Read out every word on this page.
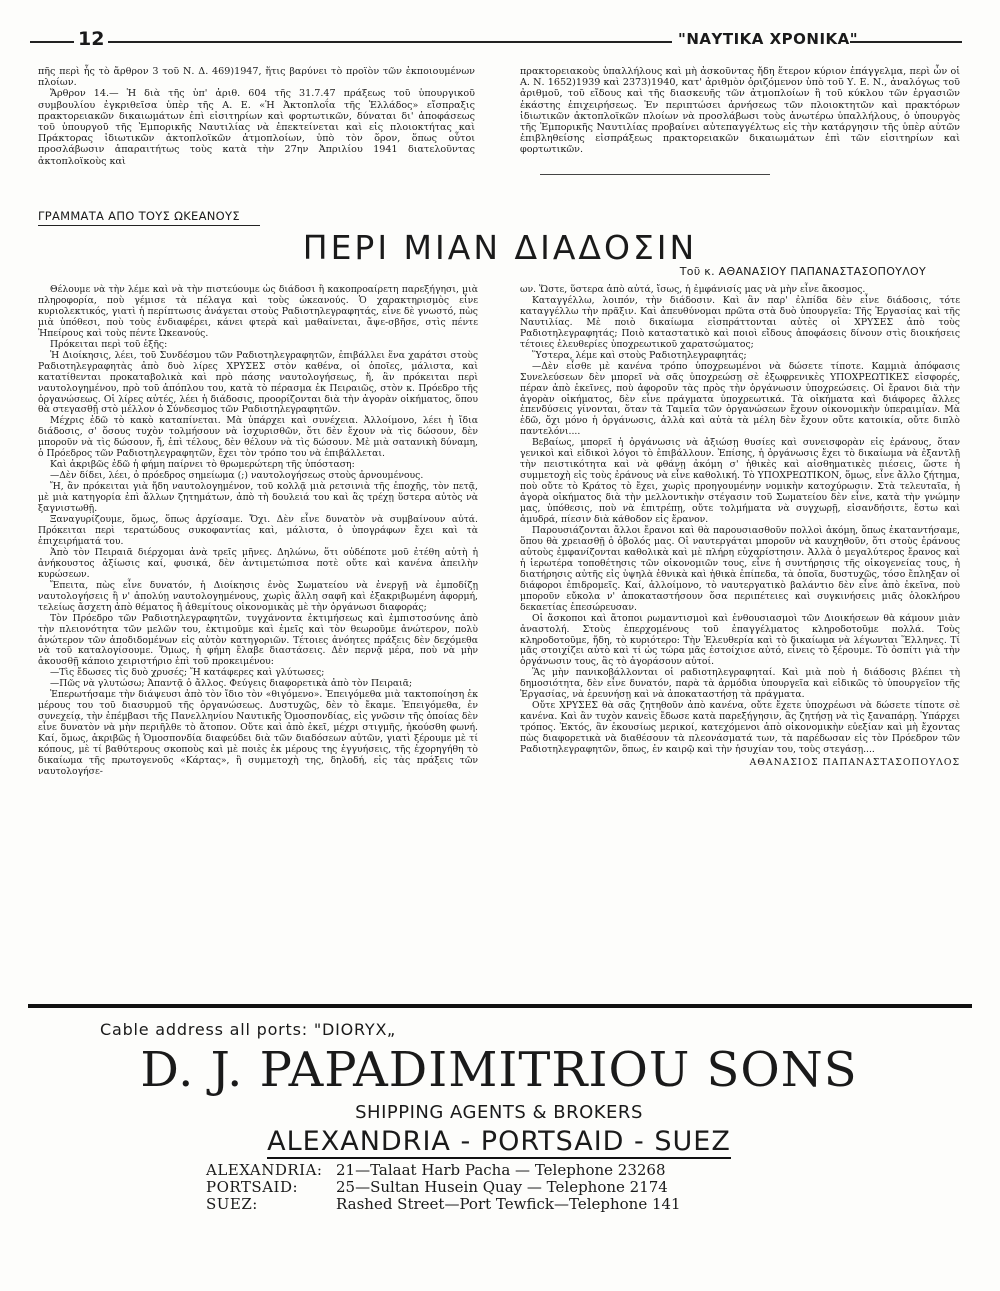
12	"ΝΑΥΤΙΚΑ ΧΡΟΝΙΚΑ"

πῆς περὶ ἧς τὸ ἄρθρον 3 τοῦ Ν. Δ. 469)1947, ἥτις βαρύνει τὸ προϊὸν τῶν ἐκποιουμένων πλοίων.

Ἄρθρον 14.— Ἡ διὰ τῆς ὑπ' ἀριθ. 604 τῆς 31.7.47 πράξεως τοῦ ὑπουργικοῦ συμβουλίου ἐγκριθεῖσα ὑπὲρ τῆς Α. Ε. «Ἡ Ἀκτοπλοΐα τῆς Ἑλλάδος» εἴσπραξις πρακτορειακῶν δικαιωμάτων ἐπὶ εἰσιτηρίων καὶ φορτωτικῶν, δύναται δι' ἀποφάσεως τοῦ ὑπουργοῦ τῆς Ἐμπορικῆς Ναυτιλίας νὰ ἐπεκτείνεται καὶ εἰς πλοιοκτήτας καὶ Πράκτορας ἰδιωτικῶν ἀκτοπλοϊκῶν ἀτμοπλοίων, ὑπὸ τὸν ὅρον, ὅπως οὗτοι προσλάβωσιν ἀπαραιτήτως τοὺς κατὰ τὴν 27ην Ἀπριλίου 1941 διατελοῦντας ἀκτοπλοϊκοὺς καὶ

πρακτορειακοὺς ὑπαλλήλους καὶ μὴ ἀσκοῦντας ἤδη ἕτερον κύριον ἐπάγγελμα, περὶ ὧν οἱ Α. Ν. 1652)1939 καὶ 2373)1940, κατ' ἀριθμὸν ὁριζόμενον ὑπὸ τοῦ Υ. Ε. Ν., ἀναλόγως τοῦ ἀριθμοῦ, τοῦ εἴδους καὶ τῆς διασκευῆς τῶν ἀτμοπλοίων ἢ τοῦ κύκλου τῶν ἐργασιῶν ἑκάστης ἐπιχειρήσεως. Ἐν περιπτώσει ἀρνήσεως τῶν πλοιοκτητῶν καὶ πρακτόρων ἰδιωτικῶν ἀκτοπλοϊκῶν πλοίων νὰ προσλάβωσι τοὺς ἀνωτέρω ὑπαλλήλους, ὁ ὑπουργὸς τῆς Ἐμπορικῆς Ναυτιλίας προβαίνει αὐτεπαγγέλτως εἰς τὴν κατάργησιν τῆς ὑπὲρ αὐτῶν ἐπιβληθείσης εἰσπράξεως πρακτορειακῶν δικαιωμάτων ἐπὶ τῶν εἰσιτηρίων καὶ φορτωτικῶν.

ΓΡΑΜΜΑΤΑ ΑΠΟ ΤΟΥΣ ΩΚΕΑΝΟΥΣ
ΠΕΡΙ ΜΙΑΝ ΔΙΑΔΟΣΙΝ
Τοῦ κ. ΑΘΑΝΑΣΙΟΥ ΠΑΠΑΝΑΣΤΑΣΟΠΟΥΛΟΥ

Θέλουμε νὰ τὴν λέμε καὶ νὰ τὴν πιστεύουμε ὡς διάδοσι ἢ κακοπροαίρετη παρεξήγησι, μιὰ πληροφορία, ποὺ γέμισε τὰ πέλαγα καὶ τοὺς ὠκεανούς. Ὁ χαρακτηρισμὸς εἶνε κυριολεκτικός, γιατὶ ἡ περίπτωσις ἀνάγεται στοὺς Ραδιοτηλεγραφητάς, εἶνε δὲ γνωστό, πὼς μιὰ ὑπόθεσι, ποὺ τοὺς ἐνδιαφέρει, κάνει φτερὰ καὶ μαθαίνεται, ἄψε-σβῆσε, στὶς πέντε Ἠπείρους καὶ τοὺς πέντε Ὠκεανούς.

Πρόκειται περὶ τοῦ ἑξῆς:

Ἡ Διοίκησις, λέει, τοῦ Συνδέσμου τῶν Ραδιοτηλεγραφητῶν, ἐπιβάλλει ἕνα χαράτσι στοὺς Ραδιοτηλεγραφητὰς ἀπὸ δυὸ λίρες ΧΡΥΣΕΣ στὸν καθένα, οἱ ὁποῖες, μάλιστα, καὶ κατατίθενται προκαταβολικὰ καὶ πρὸ πάσης ναυτολογήσεως, ἤ, ἂν πρόκειται περὶ ναυτολογημένου, πρὸ τοῦ ἀπόπλου του, κατὰ τὸ πέρασμα ἐκ Πειραιῶς, στὸν κ. Πρόεδρο τῆς ὀργανώσεως. Οἱ λίρες αὐτές, λέει ἡ διάδοσις, προορίζονται διὰ τὴν ἀγορὰν οἰκήματος, ὅπου θὰ στεγασθῇ στὸ μέλλον ὁ Σύνδεσμος τῶν Ραδιοτηλεγραφητῶν.

Μέχρις ἐδῶ τὸ κακὸ καταπίνεται. Μὰ ὑπάρχει καὶ συνέχεια. Ἀλλοίμονο, λέει ἡ ἴδια διάδοσις, σ' ὅσους τυχὸν τολμήσουν νὰ ἰσχυρισθῶν, ὅτι δὲν ἔχουν νὰ τὶς δώσουν, δὲν μποροῦν νὰ τὶς δώσουν, ἤ, ἐπὶ τέλους, δὲν θέλουν νὰ τὶς δώσουν. Μὲ μιὰ σατανικὴ δύναμη, ὁ Πρόεδρος τῶν Ραδιοτηλεγραφητῶν, ἔχει τὸν τρόπο του νὰ ἐπιβάλλεται.

Καὶ ἀκριβῶς ἐδῶ ἡ φήμη παίρνει τὸ θρωμερώτερη τῆς ὑπόσταση:

—Δὲν δίδει, λέει, ὁ πρόεδρος σημείωμα (;) ναυτολογήσεως στοὺς ἀρνουμένους.

Ἤ, ἂν πρόκειται γιὰ ἤδη ναυτολογημένον, τοῦ κολλᾷ μιὰ ρετσινιὰ τῆς ἐποχῆς, τὸν πετᾷ, μὲ μιὰ κατηγορία ἐπὶ ἄλλων ζητημάτων, ἀπὸ τὴ δουλειά του καὶ ἂς τρέχῃ ὕστερα αὐτὸς νὰ ξαγνιστωθῇ.

Ξαναγυρίζουμε, ὅμως, ὅπως ἀρχίσαμε. Ὄχι. Δὲν εἶνε δυνατὸν νὰ συμβαίνουν αὐτά. Πρόκειται περὶ τερατώδους συκοφαντίας καὶ, μάλιστα, ὁ ὑπογράφων ἔχει καὶ τὰ ἐπιχειρήματά του.

Ἀπὸ τὸν Πειραιᾶ διέρχομαι ἀνὰ τρεῖς μῆνες. Δηλώνω, ὅτι οὐδέποτε μοῦ ἐτέθη αὐτὴ ἡ ἀνήκουστος ἀξίωσις καί, φυσικά, δὲν ἀντιμετώπισα ποτὲ οὔτε καὶ κανένα ἀπειλὴν κυρώσεων.

Ἔπειτα, πὼς εἶνε δυνατόν, ἡ Διοίκησις ἑνὸς Σωματείου νὰ ἐνεργῇ νὰ ἐμποδίζῃ ναυτολογήσεις ἢ ν' ἀπολύῃ ναυτολογημένους, χωρὶς ἄλλη σαφῆ καὶ ἐξακριβωμένη ἀφορμή, τελείως ἄσχετη ἀπὸ θέματος ἢ ἀθεμίτους οἰκονομικὰς μὲ τὴν ὀργάνωσι διαφοράς;

Τὸν Πρόεδρο τῶν Ραδιοτηλεγραφητῶν, τυγχάνοντα ἐκτιμήσεως καὶ ἐμπιστοσύνης ἀπὸ τὴν πλειονότητα τῶν μελῶν του, ἐκτιμοῦμε καὶ ἐμεῖς καὶ τὸν θεωροῦμε ἀνώτερον, πολὺ ἀνώτερον τῶν ἀποδιδομένων εἰς αὐτὸν κατηγοριῶν. Τέτοιες ἀνόητες πράξεις δὲν δεχόμεθα νὰ τοῦ καταλογίσουμε. Ὅμως, ἡ φήμη ἔλαβε διαστάσεις. Δὲν περνᾷ μέρα, ποὺ νὰ μὴν ἀκουσθῇ κάποιο χειριστήριο ἐπὶ τοῦ προκειμένου:

—Τὶς ἔδωσες τὶς δυὸ χρυσές; Ἤ κατάφερες καὶ γλύτωσες;

—Πῶς νὰ γλυτώσω; Ἀπαντᾷ ὁ ἄλλος. Φεύγεις διαφορετικὰ ἀπὸ τὸν Πειραιᾶ;

Ἐπερωτήσαμε τὴν διάψευσι ἀπὸ τὸν ἴδιο τὸν «θιγόμενο». Ἐπειγόμεθα μιὰ τακτοποίηση ἐκ μέρους του τοῦ διασυρμοῦ τῆς ὀργανώσεως. Δυστυχῶς, δὲν τὸ ἔκαμε. Ἐπειγόμεθα, ἐν συνεχείᾳ, τὴν ἐπέμβασι τῆς Πανελληνίου Ναυτικῆς Ὁμοσπονδίας, εἰς γνῶσιν τῆς ὁποίας δὲν εἶνε δυνατὸν νὰ μὴν περιῆλθε τὸ ἄτοπον. Οὔτε καὶ ἀπὸ ἐκεῖ, μέχρι στιγμῆς, ἠκούσθη φωνή. Καί, ὅμως, ἀκριβῶς ἡ Ὁμοσπονδία διαφεύδει διὰ τῶν διαδόσεων αὐτῶν, γιατὶ ξέρουμε μὲ τί κόπους, μὲ τί βαθύτερους σκοποὺς καὶ μὲ ποιὲς ἐκ μέρους της ἐγγυήσεις, τῆς ἐχορηγήθη τὸ δικαίωμα τῆς πρωτογενοῦς «Κάρτας», ἢ συμμετοχὴ της, δηλοδή, εἰς τὰς πράξεις τῶν ναυτολογήσε-

ων. Ὥστε, ὕστερα ἀπὸ αὐτά, ἴσως, ἡ ἐμφάνισίς μας νὰ μὴν εἶνε ἄκοσμος.

Καταγγέλλω, λοιπόν, τὴν διάδοσιν. Καὶ ἂν παρ' ἐλπίδα δὲν εἶνε διάδοσις, τότε καταγγέλλω τὴν πρᾶξιν. Καὶ ἀπευθύνομαι πρῶτα στὰ δυὸ ὑπουργεῖα: Τῆς Ἐργασίας καὶ τῆς Ναυτιλίας. Μὲ ποιὸ δικαίωμα εἰσπράττονται αὐτὲς οἱ ΧΡΥΣΕΣ ἀπὸ τοὺς Ραδιοτηλεγραφητάς; Ποιὸ καταστατικὸ καὶ ποιοὶ εἴδους ἀποφάσεις δίνουν στὶς διοικήσεις τέτοιες ἐλευθερίες ὑποχρεωτικοῦ χαρατσώματος;

Ὕστερα, λέμε καὶ στοὺς Ραδιοτηλεγραφητάς;

—Δὲν εἶσθε μὲ κανένα τρόπο ὑποχρεωμένοι νὰ δώσετε τίποτε. Καμμιὰ ἀπόφασις Συνελεύσεων δὲν μπορεῖ νὰ σᾶς ὑποχρεώσῃ σὲ ἐξωφρενικὲς ΥΠΟΧΡΕΩΤΙΚΕΣ εἰσφορές, πέραν ἀπὸ ἐκεῖνες, ποὺ ἀφοροῦν τὰς πρὸς τὴν ὀργάνωσιν ὑποχρεώσεις. Οἱ ἔρανοι διὰ τὴν ἀγορὰν οἰκήματος, δὲν εἶνε πράγματα ὑποχρεωτικά. Τὰ οἰκήματα καὶ διάφορες ἄλλες ἐπενδύσεις γίνονται, ὅταν τὰ Ταμεῖα τῶν ὀργανώσεων ἔχουν οἰκονομικὴν ὑπεραιμίαν. Μὰ ἐδῶ, ὄχι μόνο ἡ ὀργάνωσις, ἀλλὰ καὶ αὐτὰ τὰ μέλη δὲν ἔχουν οὔτε κατοικία, οὔτε διπλὸ παντελόνι....

Βεβαίως, μπορεῖ ἡ ὀργάνωσις νὰ ἀξιώσῃ θυσίες καὶ συνεισφορὰν εἰς ἐράνους, ὅταν γενικοὶ καὶ εἰδικοὶ λόγοι τὸ ἐπιβάλλουν. Ἐπίσης, ἡ ὀργάνωσις ἔχει τὸ δικαίωμα νὰ ἐξαντλῇ τὴν πειστικότητα καὶ νὰ φθάνῃ ἀκόμη σ' ἠθικὲς καὶ αἰσθηματικὲς πιέσεις, ὥστε ἡ συμμετοχὴ εἰς τοὺς ἐράνους νὰ εἶνε καθολική. Τὸ ΥΠΟΧΡΕΩΤΙΚΟΝ, ὅμως, εἶνε ἄλλο ζήτημα, ποὺ οὔτε τὸ Κράτος τὸ ἔχει, χωρὶς προηγουμένην νομικὴν κατοχύρωσιν. Στὰ τελευταῖα, ἡ ἀγορὰ οἰκήματος διὰ τὴν μελλοντικὴν στέγασιν τοῦ Σωματείου δὲν εἶνε, κατὰ τὴν γνώμην μας, ὑπόθεσις, ποὺ νὰ ἐπιτρέπῃ, οὔτε τολμήματα νὰ συγχωρῇ, εἰσανδήσιτε, ἔστω καὶ ἀμυδρά, πίεσιν διὰ κάθοδον εἰς ἔρανον.

Παρουσιάζονται ἄλλοι ἔρανοι καὶ θὰ παρουσιασθοῦν πολλοὶ ἀκόμη, ὅπως ἐκαταντήσαμε, ὅπου θὰ χρειασθῇ ὁ ὀβολός μας. Οἱ ναυτεργάται μποροῦν νὰ καυχηθοῦν, ὅτι στοὺς ἐράνους αὐτοὺς ἐμφανίζονται καθολικὰ καὶ μὲ πλήρη εὐχαρίστησιν. Ἀλλὰ ὁ μεγαλύτερος ἔρανος καὶ ἡ ἱερωτέρα τοποθέτησις τῶν οἰκονομιῶν τους, εἶνε ἡ συντήρησις τῆς οἰκογενείας τους, ἡ διατήρησις αὐτῆς εἰς ὑψηλὰ ἐθνικὰ καὶ ἠθικὰ ἐπίπεδα, τὰ ὁποῖα, δυστυχῶς, τόσο ἔπληξαν οἱ διάφοροι ἐπιδρομεῖς. Καί, ἀλλοίμονο, τὸ ναυτεργατικὸ βαλάντιο δὲν εἶνε ἀπὸ ἐκεῖνα, ποὺ μποροῦν εὔκολα ν' ἀποκαταστήσουν ὅσα περιπέτειες καὶ συγκινήσεις μιᾶς ὁλοκλήρου δεκαετίας ἐπεσώρευσαν.

Οἱ ἄσκοποι καὶ ἄτοποι ρωμαντισμοὶ καὶ ἐνθουσιασμοὶ τῶν Διοικήσεων θὰ κάμουν μιὰν ἀναστολή. Στοὺς ἐπερχομένους τοῦ ἐπαγγέλματος κληροδοτοῦμε πολλά. Τοὺς κληροδοτοῦμε, ἤδη, τὸ κυριότερο: Τὴν Ἐλευθερία καὶ τὸ δικαίωμα νὰ λέγωνται Ἕλληνες. Τί μᾶς στοιχίζει αὐτὸ καὶ τί ὡς τώρα μᾶς ἐστοίχισε αὐτό, εἶνεις τὸ ξέρουμε. Τὸ ὀσπίτι γιὰ τὴν ὀργάνωσιν τους, ἂς τὸ ἀγοράσουν αὐτοί.

Ἂς μὴν πανικοβάλλονται οἱ ραδιοτηλεγραφηταί. Καὶ μιὰ ποὺ ἡ διάδοσις βλέπει τὴ δημοσιότητα, δὲν εἶνε δυνατόν, παρὰ τὰ ἁρμόδια ὑπουργεῖα καὶ εἰδικῶς τὸ ὑπουργεῖον τῆς Ἐργασίας, νὰ ἐρευνήσῃ καὶ νὰ ἀποκαταστήσῃ τὰ πράγματα.

Οὔτε ΧΡΥΣΕΣ θὰ σᾶς ζητηθοῦν ἀπὸ κανένα, οὔτε ἔχετε ὑποχρέωσι νὰ δώσετε τίποτε σὲ κανένα. Καὶ ἂν τυχὸν κανεὶς ἔδωσε κατὰ παρεξήγησιν, ἂς ζητήσῃ νὰ τὶς ξαναπάρῃ. Ὑπάρχει τρόπος. Ἐκτός, ἂν ἑκουσίως μερικοί, κατεχόμενοι ἀπὸ οἰκονομικὴν εὐεξίαν καὶ μὴ ἔχοντας πὼς διαφορετικὰ νὰ διαθέσουν τὰ πλεονάσματά των, τὰ παρέδωσαν εἰς τὸν Πρόεδρον τῶν Ραδιοτηλεγραφητῶν, ὅπως, ἐν καιρῷ καὶ τὴν ἡσυχίαν του, τοὺς στεγάσῃ....

ΑΘΑΝΑΣΙΟΣ ΠΑΠΑΝΑΣΤΑΣΟΠΟΥΛΟΣ

Cable address all ports: "DIORYX„
D. J. PAPADIMITRIOU SONS
SHIPPING AGENTS & BROKERS
ALEXANDRIA - PORTSAID - SUEZ
ALEXANDRIA: 21—Talaat Harb Pacha — Telephone 23268
PORTSAID:	25—Sultan Husein Quay — Telephone 2174
SUEZ:	Rashed Street—Port Tewfick—Telephone 141
